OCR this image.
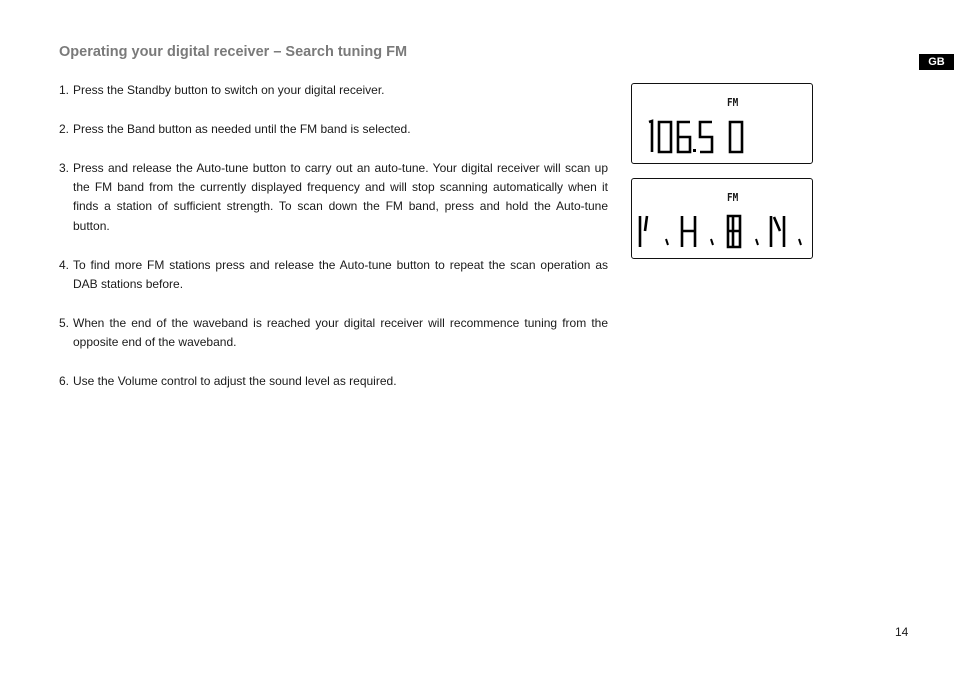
Operating your digital receiver – Search tuning FM
GB

1. Press the Standby button to switch on your digital receiver.

2. Press the Band button as needed until the FM band is selected.

3. Press and release the Auto-tune button to carry out an auto-tune. Your digital receiver will scan up the FM band from the currently displayed frequency and will stop scanning automatically when it finds a station of sufficient strength. To scan down the FM band, press and hold the Auto-tune button.

4. To find more FM stations press and release the Auto-tune button to repeat the scan operation as DAB stations before.

5. When the end of the waveband is reached your digital receiver will recommence tuning from the opposite end of the waveband.

6. Use the Volume control to adjust the sound level as required.

FM
FM
14
